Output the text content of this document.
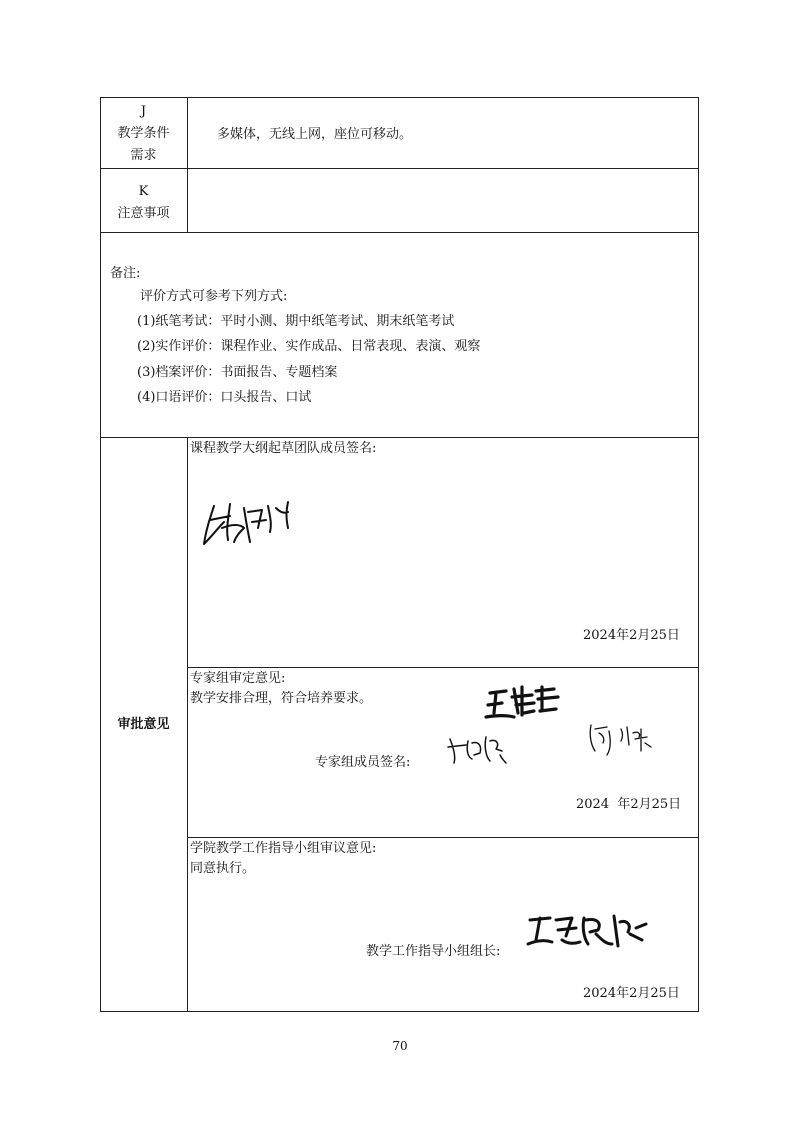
J
教学条件
需求
多媒体，无线上网，座位可移动。
K
注意事项
备注:
评价方式可参考下列方式:
(1)纸笔考试：平时小测、期中纸笔考试、期末纸笔考试
(2)实作评价：课程作业、实作成品、日常表现、表演、观察
(3)档案评价：书面报告、专题档案
(4)口语评价：口头报告、口试
审批意见
课程教学大纲起草团队成员签名:
2024年2月25日
专家组审定意见:
教学安排合理，符合培养要求。
专家组成员签名:
2024  年2月25日
学院教学工作指导小组审议意见:
同意执行。
教学工作指导小组组长:
2024年2月25日
70
